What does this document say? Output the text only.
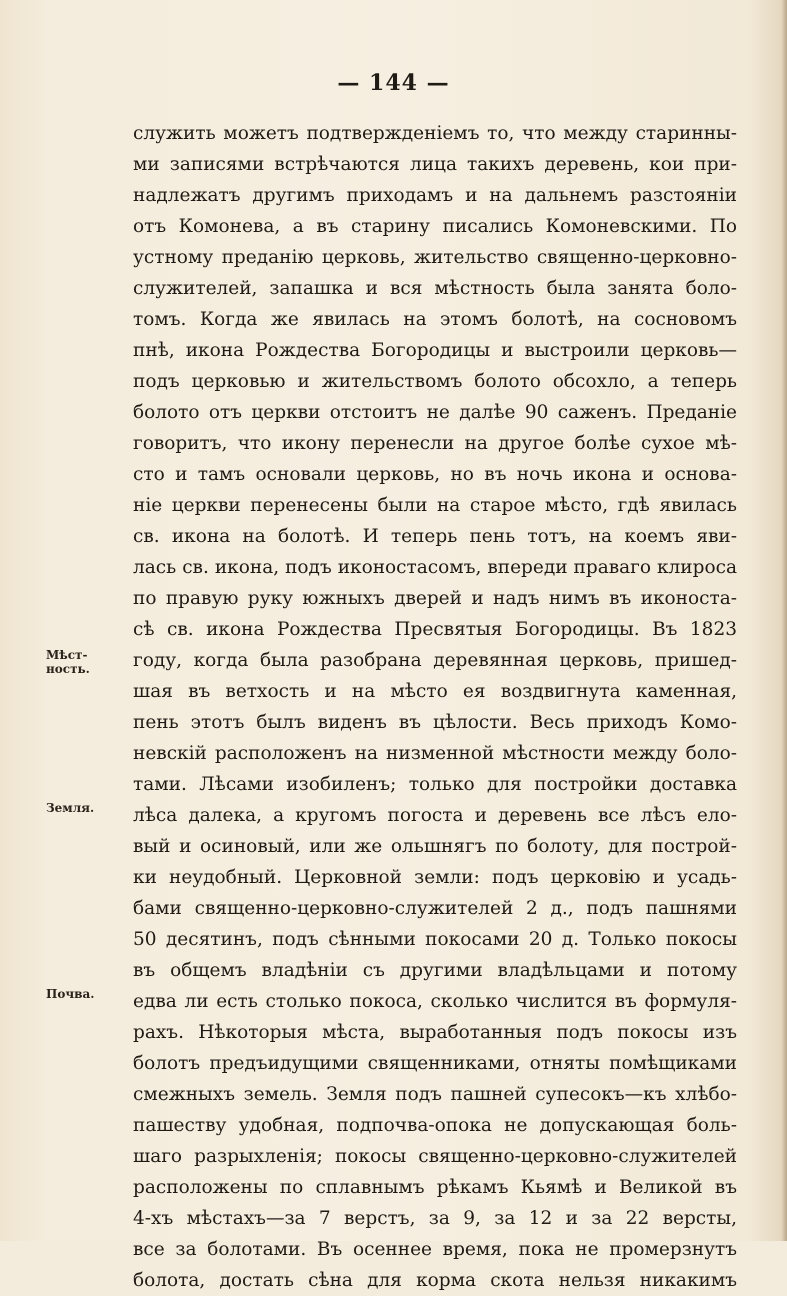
— 144 —
Мѣст-
ность.
Земля.
Почва.
служить можетъ подтвержденіемъ то, что между старинны-
ми записями встрѣчаются лица такихъ деревень, кои при-
надлежатъ другимъ приходамъ и на дальнемъ разстояніи
отъ Комонева, а въ старину писались Комоневскими. По
устному преданію церковь, жительство священно-церковно-
служителей, запашка и вся мѣстность была занята боло-
томъ. Когда же явилась на этомъ болотѣ, на сосновомъ
пнѣ, икона Рождества Богородицы и выстроили церковь—
подъ церковью и жительствомъ болото обсохло, а теперь
болото отъ церкви отстоитъ не далѣе 90 саженъ. Преданіе
говоритъ, что икону перенесли на другое болѣе сухое мѣ-
сто и тамъ основали церковь, но въ ночь икона и основа-
ніе церкви перенесены были на старое мѣсто, гдѣ явилась
св. икона на болотѣ. И теперь пень тотъ, на коемъ яви-
лась св. икона, подъ иконостасомъ, впереди праваго клироса
по правую руку южныхъ дверей и надъ нимъ въ иконоста-
сѣ св. икона Рождества Пресвятыя Богородицы. Въ 1823
году, когда была разобрана деревянная церковь, пришед-
шая въ ветхость и на мѣсто ея воздвигнута каменная,
пень этотъ былъ виденъ въ цѣлости. Весь приходъ Комо-
невскій расположенъ на низменной мѣстности между боло-
тами. Лѣсами изобиленъ; только для постройки доставка
лѣса далека, а кругомъ погоста и деревень все лѣсъ ело-
вый и осиновый, или же ольшнягъ по болоту, для построй-
ки неудобный. Церковной земли: подъ церковію и усадь-
бами священно-церковно-служителей 2 д., подъ пашнями
50 десятинъ, подъ сѣнными покосами 20 д. Только покосы
въ общемъ владѣніи съ другими владѣльцами и потому
едва ли есть столько покоса, сколько числится въ формуля-
рахъ. Нѣкоторыя мѣста, выработанныя подъ покосы изъ
болотъ предъидущими священниками, отняты помѣщиками
смежныхъ земель. Земля подъ пашней супесокъ—къ хлѣбо-
пашеству удобная, подпочва-опока не допускающая боль-
шаго разрыхленія; покосы священно-церковно-служителей
расположены по сплавнымъ рѣкамъ Кьямѣ и Великой въ
4-хъ мѣстахъ—за 7 верстъ, за 9, за 12 и за 22 версты,
все за болотами. Въ осеннее время, пока не промерзнутъ
болота, достать сѣна для корма скота нельзя никакимъ
